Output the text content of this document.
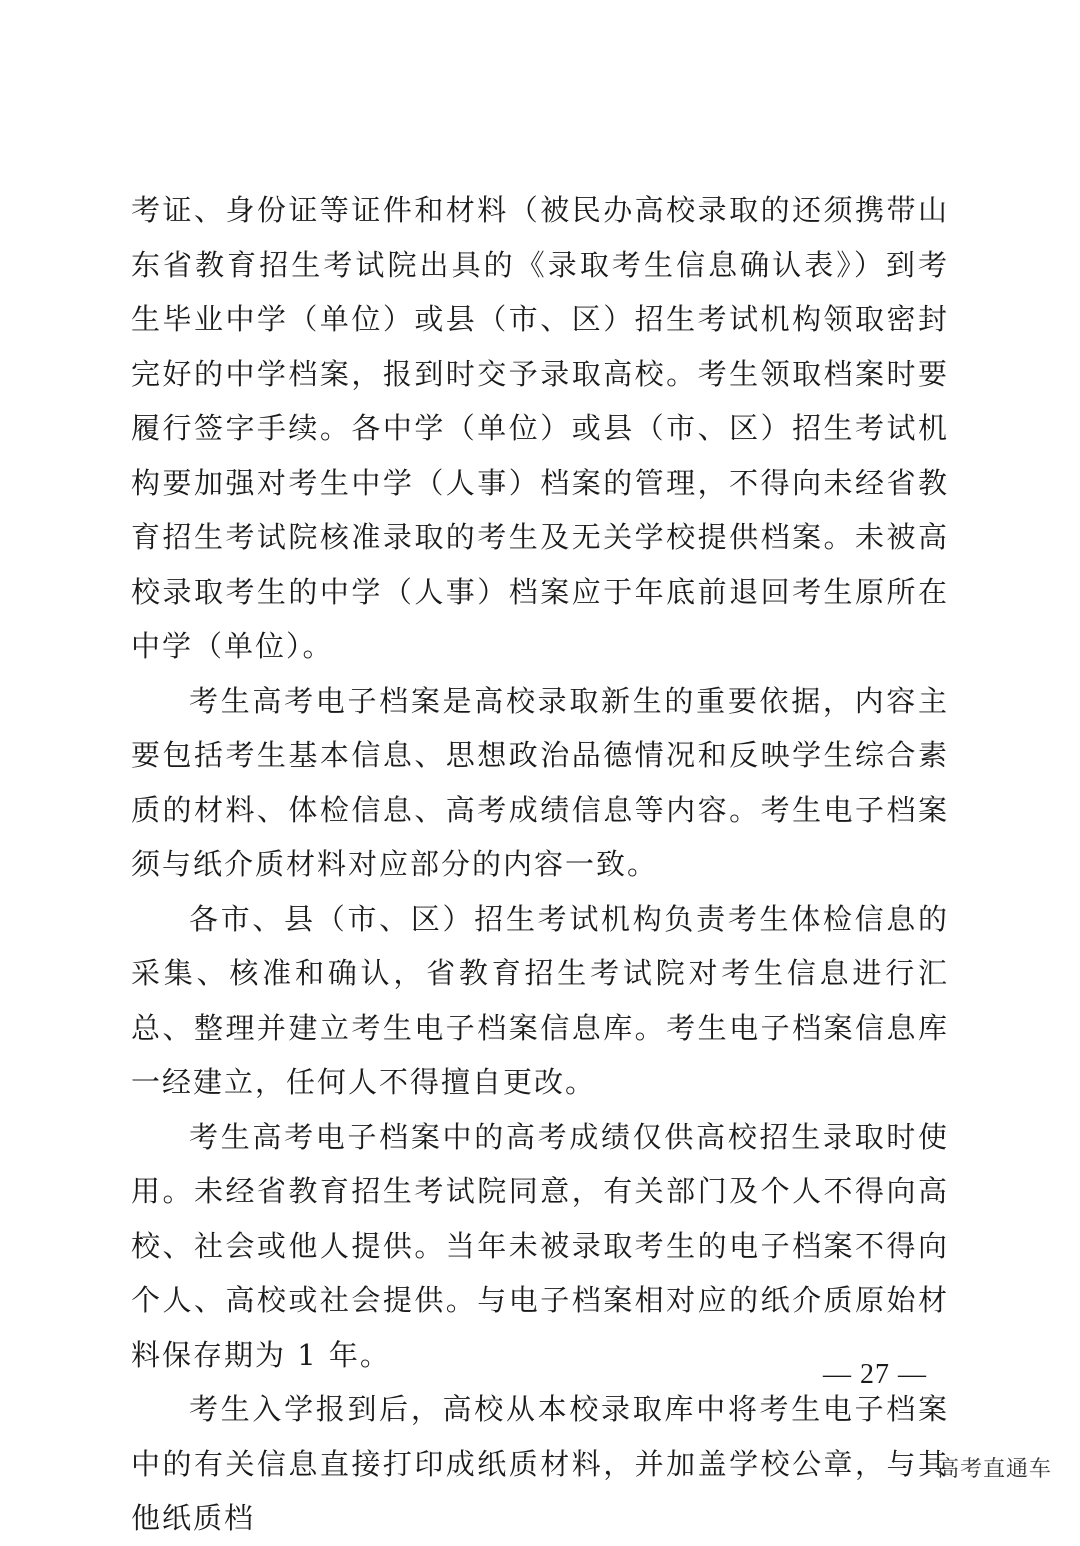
考证、身份证等证件和材料（被民办高校录取的还须携带山东省教育招生考试院出具的《录取考生信息确认表》）到考生毕业中学（单位）或县（市、区）招生考试机构领取密封完好的中学档案，报到时交予录取高校。考生领取档案时要履行签字手续。各中学（单位）或县（市、区）招生考试机构要加强对考生中学（人事）档案的管理，不得向未经省教育招生考试院核准录取的考生及无关学校提供档案。未被高校录取考生的中学（人事）档案应于年底前退回考生原所在中学（单位）。

考生高考电子档案是高校录取新生的重要依据，内容主要包括考生基本信息、思想政治品德情况和反映学生综合素质的材料、体检信息、高考成绩信息等内容。考生电子档案须与纸介质材料对应部分的内容一致。

各市、县（市、区）招生考试机构负责考生体检信息的采集、核准和确认，省教育招生考试院对考生信息进行汇总、整理并建立考生电子档案信息库。考生电子档案信息库一经建立，任何人不得擅自更改。

考生高考电子档案中的高考成绩仅供高校招生录取时使用。未经省教育招生考试院同意，有关部门及个人不得向高校、社会或他人提供。当年未被录取考生的电子档案不得向个人、高校或社会提供。与电子档案相对应的纸介质原始材料保存期为 1 年。

考生入学报到后，高校从本校录取库中将考生电子档案中的有关信息直接打印成纸质材料，并加盖学校公章，与其他纸质档

— 27 —
高考直通车
